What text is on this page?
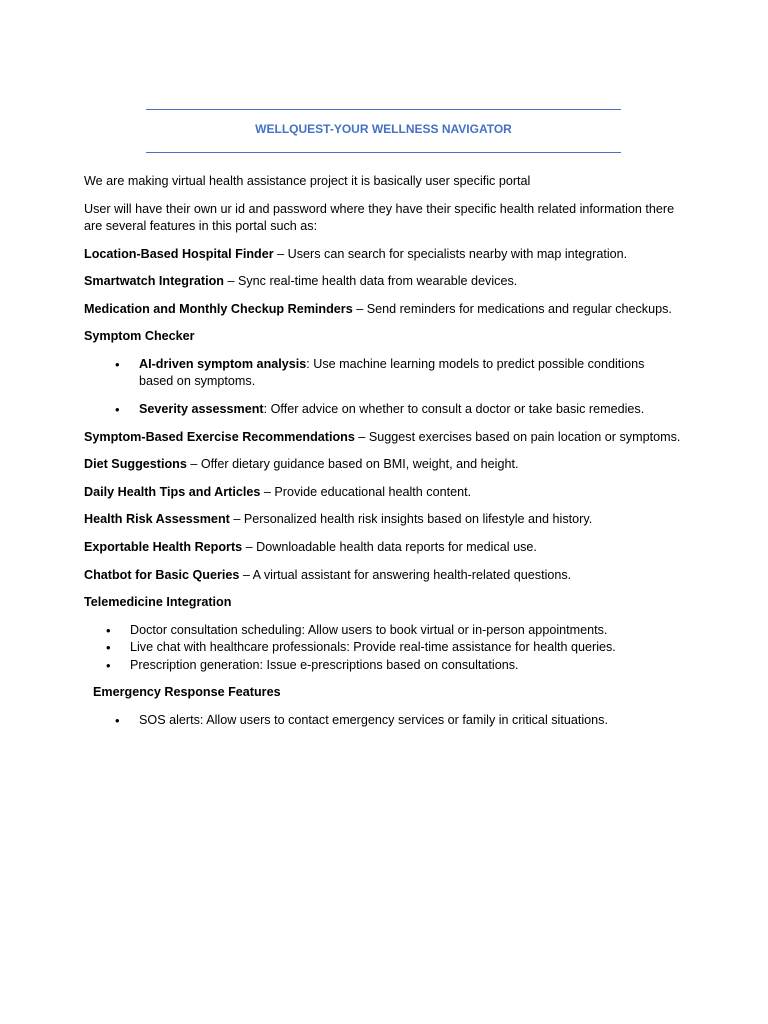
WELLQUEST-YOUR WELLNESS NAVIGATOR

We are making virtual health assistance project it is basically user specific portal

User will have their own ur id and password where they have their specific health related information there are several features in this portal such as:

Location-Based Hospital Finder – Users can search for specialists nearby with map integration.

Smartwatch Integration – Sync real-time health data from wearable devices.

Medication and Monthly Checkup Reminders – Send reminders for medications and regular checkups.

Symptom Checker

• AI-driven symptom analysis: Use machine learning models to predict possible conditions based on symptoms.
• Severity assessment: Offer advice on whether to consult a doctor or take basic remedies.

Symptom-Based Exercise Recommendations – Suggest exercises based on pain location or symptoms.

Diet Suggestions – Offer dietary guidance based on BMI, weight, and height.

Daily Health Tips and Articles – Provide educational health content.

Health Risk Assessment – Personalized health risk insights based on lifestyle and history.

Exportable Health Reports – Downloadable health data reports for medical use.

Chatbot for Basic Queries – A virtual assistant for answering health-related questions.

Telemedicine Integration

• Doctor consultation scheduling: Allow users to book virtual or in-person appointments.
• Live chat with healthcare professionals: Provide real-time assistance for health queries.
• Prescription generation: Issue e-prescriptions based on consultations.

Emergency Response Features

• SOS alerts: Allow users to contact emergency services or family in critical situations.
